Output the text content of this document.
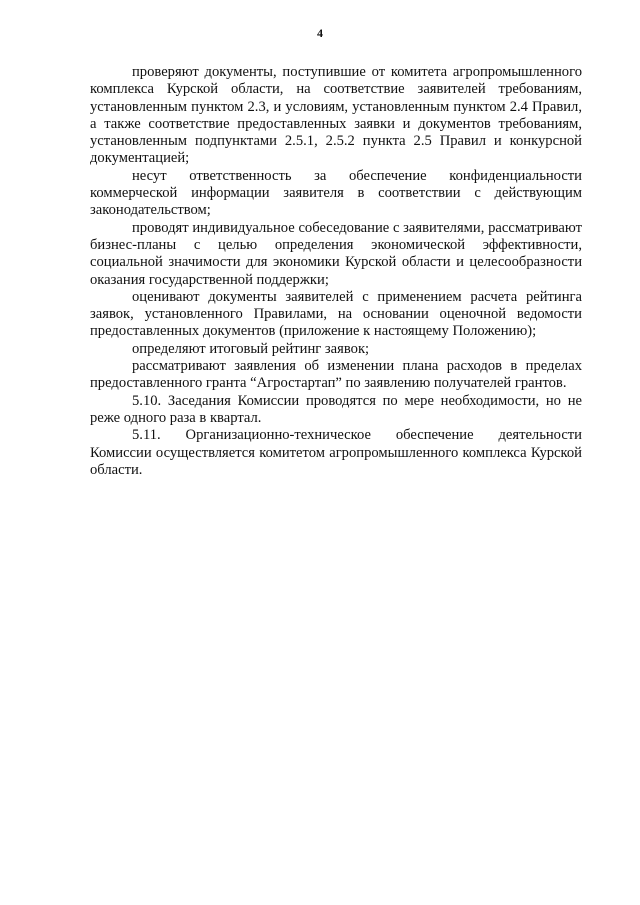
4

проверяют документы, поступившие от комитета агропромышленного комплекса Курской области, на соответствие заявителей требованиям, установленным пунктом 2.3, и условиям, установленным пунктом 2.4 Правил, а также соответствие предоставленных заявки и документов требованиям, установленным подпунктами 2.5.1, 2.5.2 пункта 2.5 Правил и конкурсной документацией;

несут ответственность за обеспечение конфиденциальности коммерческой информации заявителя в соответствии с действующим законодательством;

проводят индивидуальное собеседование с заявителями, рассматривают бизнес-планы с целью определения экономической эффективности, социальной значимости для экономики Курской области и целесообразности оказания государственной поддержки;

оценивают документы заявителей с применением расчета рейтинга заявок, установленного Правилами, на основании оценочной ведомости предоставленных документов (приложение к настоящему Положению);

определяют итоговый рейтинг заявок;

рассматривают заявления об изменении плана расходов в пределах предоставленного гранта “Агростартап” по заявлению получателей грантов.

5.10. Заседания Комиссии проводятся по мере необходимости, но не реже одного раза в квартал.

5.11. Организационно-техническое обеспечение деятельности Комиссии осуществляется комитетом агропромышленного комплекса Курской области.
